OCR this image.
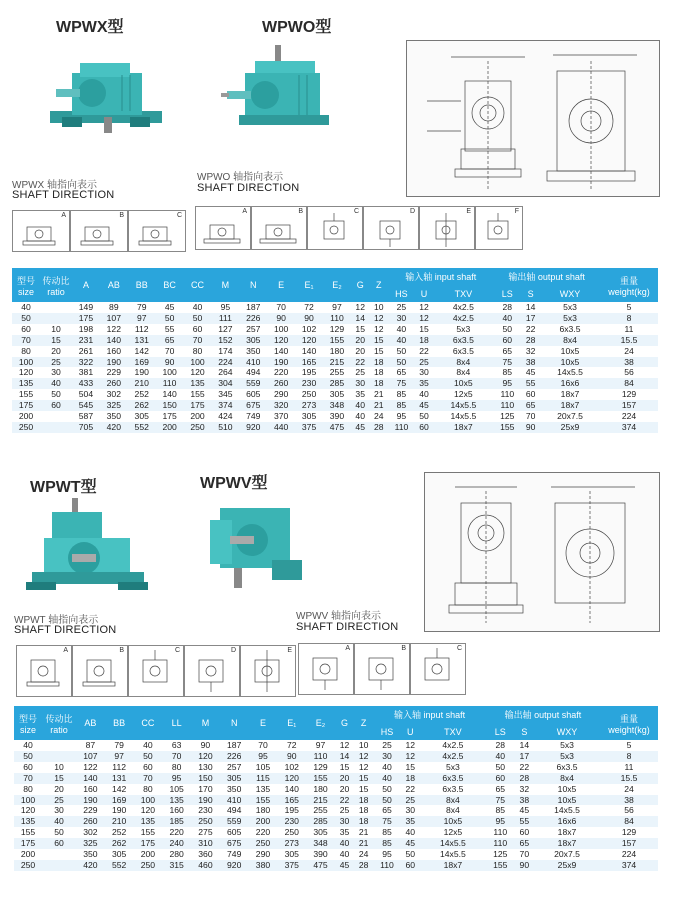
WPWX型	WPWO型
WPWX 轴指向表示
SHAFT DIRECTION
WPWO 轴指向表示
SHAFT DIRECTION
A	B	C
A	B	C	D	E	F
型号 size	传动比 ratio	A	AB	BB	BC	CC	M	N	E	E₁	E₂	G	Z	输入轴 input shaft			输出轴 output shaft			重量 weight(kg)
														HS	U	TXV	LS	S	WXY	
40		149	89	79	45	40	95	187	70	72	97	12	10	25	12	4x2.5	28	14	5x3	5
50		175	107	97	50	50	111	226	90	90	110	14	12	30	12	4x2.5	40	17	5x3	8
60	10	198	122	112	55	60	127	257	100	102	129	15	12	40	15	5x3	50	22	6x3.5	11
70	15	231	140	131	65	70	152	305	120	120	155	20	15	40	18	6x3.5	60	28	8x4	15.5
80	20	261	160	142	70	80	174	350	140	140	180	20	15	50	22	6x3.5	65	32	10x5	24
100	25	322	190	169	90	100	224	410	190	165	215	22	18	50	25	8x4	75	38	10x5	38
120	30	381	229	190	100	120	264	494	220	195	255	25	18	65	30	8x4	85	45	14x5.5	56
135	40	433	260	210	110	135	304	559	260	230	285	30	18	75	35	10x5	95	55	16x6	84
155	50	504	302	252	140	155	345	605	290	250	305	35	21	85	40	12x5	110	60	18x7	129
175	60	545	325	262	150	175	374	675	320	273	348	40	21	85	45	14x5.5	110	65	18x7	157
200		587	350	305	175	200	424	749	370	305	390	40	24	95	50	14x5.5	125	70	20x7.5	224
250		705	420	552	200	250	510	920	440	375	475	45	28	110	60	18x7	155	90	25x9	374
WPWT型	WPWV型
WPWT 轴指向表示
SHAFT DIRECTION
WPWV 轴指向表示
SHAFT DIRECTION
A	B	C	D	E	A	B	C
型号 size	传动比 ratio	AB	BB	CC	LL	M	N	E	E₁	E₂	G	Z	输入轴 input shaft			输出轴 output shaft			重量 weight(kg)
													HS	U	TXV	LS	S	WXY	
40		87	79	40	63	90	187	70	72	97	12	10	25	12	4x2.5	28	14	5x3	5
50		107	97	50	70	120	226	95	90	110	14	12	30	12	4x2.5	40	17	5x3	8
60	10	122	112	60	80	130	257	105	102	129	15	12	40	15	5x3	50	22	6x3.5	11
70	15	140	131	70	95	150	305	115	120	155	20	15	40	18	6x3.5	60	28	8x4	15.5
80	20	160	142	80	105	170	350	135	140	180	20	15	50	22	6x3.5	65	32	10x5	24
100	25	190	169	100	135	190	410	155	165	215	22	18	50	25	8x4	75	38	10x5	38
120	30	229	190	120	160	230	494	180	195	255	25	18	65	30	8x4	85	45	14x5.5	56
135	40	260	210	135	185	250	559	200	230	285	30	18	75	35	10x5	95	55	16x6	84
155	50	302	252	155	220	275	605	220	250	305	35	21	85	40	12x5	110	60	18x7	129
175	60	325	262	175	240	310	675	250	273	348	40	21	85	45	14x5.5	110	65	18x7	157
200		350	305	200	280	360	749	290	305	390	40	24	95	50	14x5.5	125	70	20x7.5	224
250		420	552	250	315	460	920	380	375	475	45	28	110	60	18x7	155	90	25x9	374
